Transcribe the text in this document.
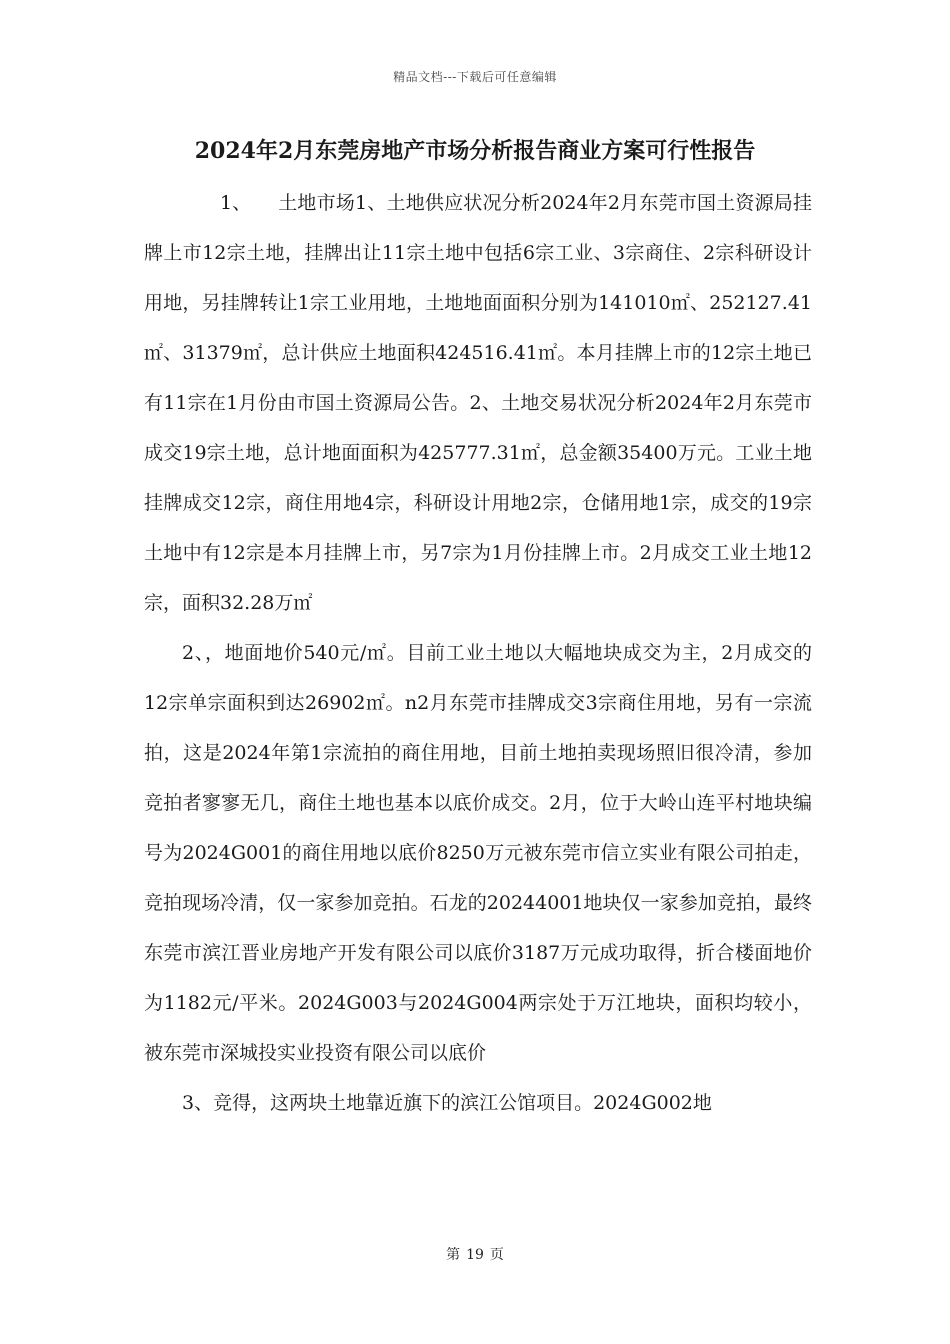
精品文档---下载后可任意编辑
2024年2月东莞房地产市场分析报告商业方案可行性报告

1、 土地市场1、土地供应状况分析2024年2月东莞市国土资源局挂牌上市12宗土地，挂牌出让11宗土地中包括6宗工业、3宗商住、2宗科研设计用地，另挂牌转让1宗工业用地，土地地面面积分别为141010㎡、252127.41㎡、31379㎡，总计供应土地面积424516.41㎡。本月挂牌上市的12宗土地已有11宗在1月份由市国土资源局公告。2、土地交易状况分析2024年2月东莞市成交19宗土地，总计地面面积为425777.31㎡，总金额35400万元。工业土地挂牌成交12宗，商住用地4宗，科研设计用地2宗，仓储用地1宗，成交的19宗土地中有12宗是本月挂牌上市，另7宗为1月份挂牌上市。2月成交工业土地12宗，面积32.28万㎡

2、，地面地价540元/㎡。目前工业土地以大幅地块成交为主，2月成交的12宗单宗面积到达26902㎡。n2月东莞市挂牌成交3宗商住用地，另有一宗流拍，这是2024年第1宗流拍的商住用地，目前土地拍卖现场照旧很冷清，参加竞拍者寥寥无几，商住土地也基本以底价成交。2月，位于大岭山连平村地块编号为2024G001的商住用地以底价8250万元被东莞市信立实业有限公司拍走，竞拍现场冷清，仅一家参加竞拍。石龙的20244001地块仅一家参加竞拍，最终东莞市滨江晋业房地产开发有限公司以底价3187万元成功取得，折合楼面地价为1182元/平米。2024G003与2024G004两宗处于万江地块，面积均较小，被东莞市深城投实业投资有限公司以底价

3、竞得，这两块土地靠近旗下的滨江公馆项目。2024G002地

第 19 页
